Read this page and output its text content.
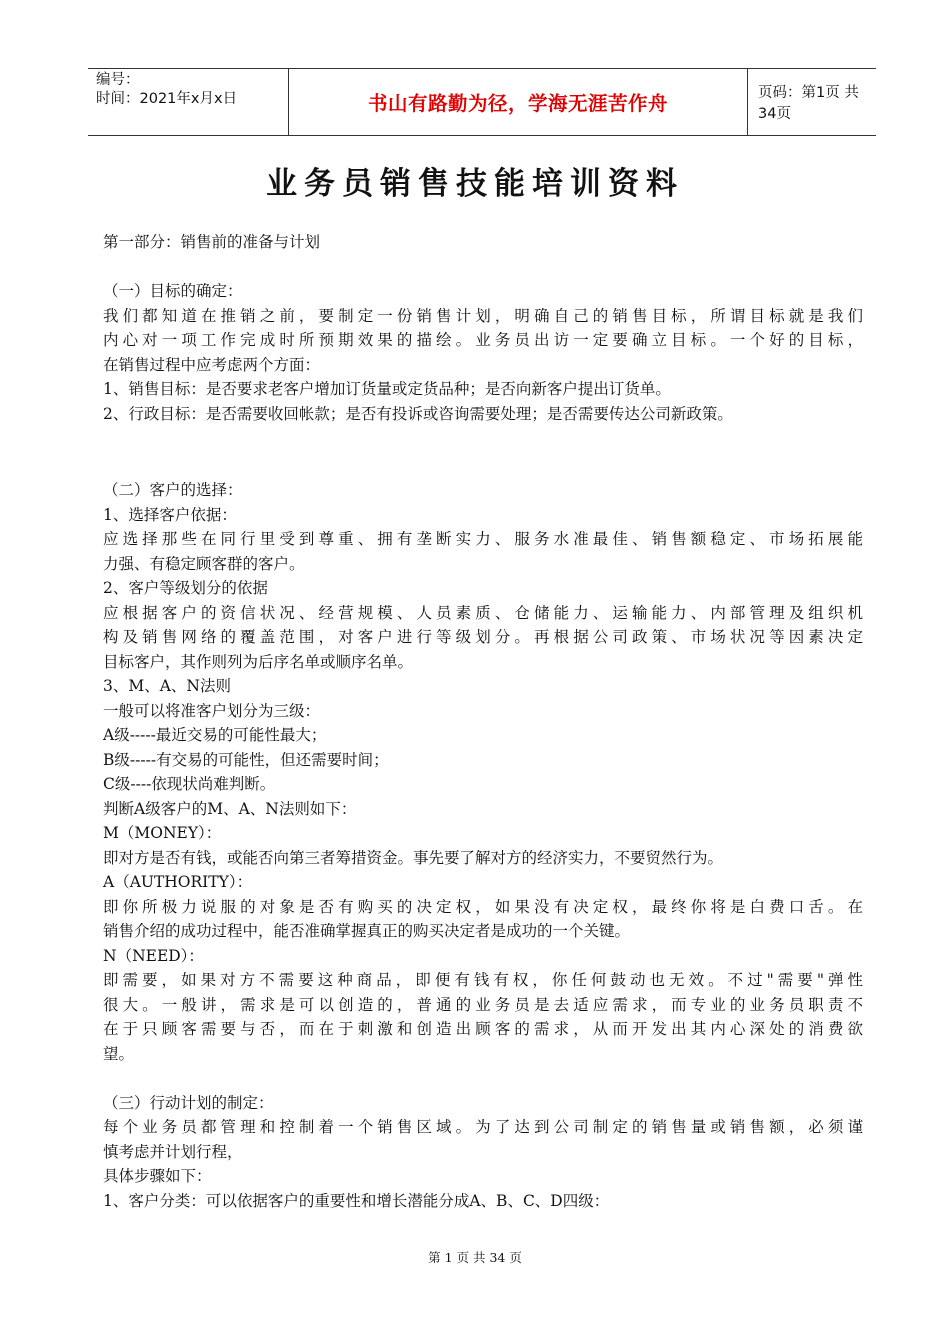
编号：
时间：2021年x月x日	书山有路勤为径，学海无涯苦作舟	页码：第1页 共34页
业务员销售技能培训资料
第一部分：销售前的准备与计划
（一）目标的确定：
我们都知道在推销之前，要制定一份销售计划，明确自己的销售目标，所谓目标就是我们
内心对一项工作完成时所预期效果的描绘。业务员出访一定要确立目标。一个好的目标，
在销售过程中应考虑两个方面：
1、销售目标：是否要求老客户增加订货量或定货品种；是否向新客户提出订货单。
2、行政目标：是否需要收回帐款；是否有投诉或咨询需要处理；是否需要传达公司新政策。
（二）客户的选择：
1、选择客户依据：
应选择那些在同行里受到尊重、拥有垄断实力、服务水准最佳、销售额稳定、市场拓展能
力强、有稳定顾客群的客户。
2、客户等级划分的依据
应根据客户的资信状况、经营规模、人员素质、仓储能力、运输能力、内部管理及组织机
构及销售网络的覆盖范围，对客户进行等级划分。再根据公司政策、市场状况等因素决定
目标客户，其作则列为后序名单或顺序名单。
3、M、A、N法则
一般可以将准客户划分为三级：
A级-----最近交易的可能性最大；
B级-----有交易的可能性，但还需要时间；
C级----依现状尚难判断。
判断A级客户的M、A、N法则如下：
M（MONEY）：
即对方是否有钱，或能否向第三者筹措资金。事先要了解对方的经济实力，不要贸然行为。
A（AUTHORITY）：
即你所极力说服的对象是否有购买的决定权，如果没有决定权，最终你将是白费口舌。在
销售介绍的成功过程中，能否准确掌握真正的购买决定者是成功的一个关键。
N（NEED）：
即需要，如果对方不需要这种商品，即便有钱有权，你任何鼓动也无效。不过"需要"弹性
很大。一般讲，需求是可以创造的，普通的业务员是去适应需求，而专业的业务员职责不
在于只顾客需要与否，而在于刺激和创造出顾客的需求，从而开发出其内心深处的消费欲
望。
（三）行动计划的制定：
每个业务员都管理和控制着一个销售区域。为了达到公司制定的销售量或销售额，必须谨
慎考虑并计划行程，
具体步骤如下：
1、客户分类：可以依据客户的重要性和增长潜能分成A、B、C、D四级：
第 1 页 共 34 页
